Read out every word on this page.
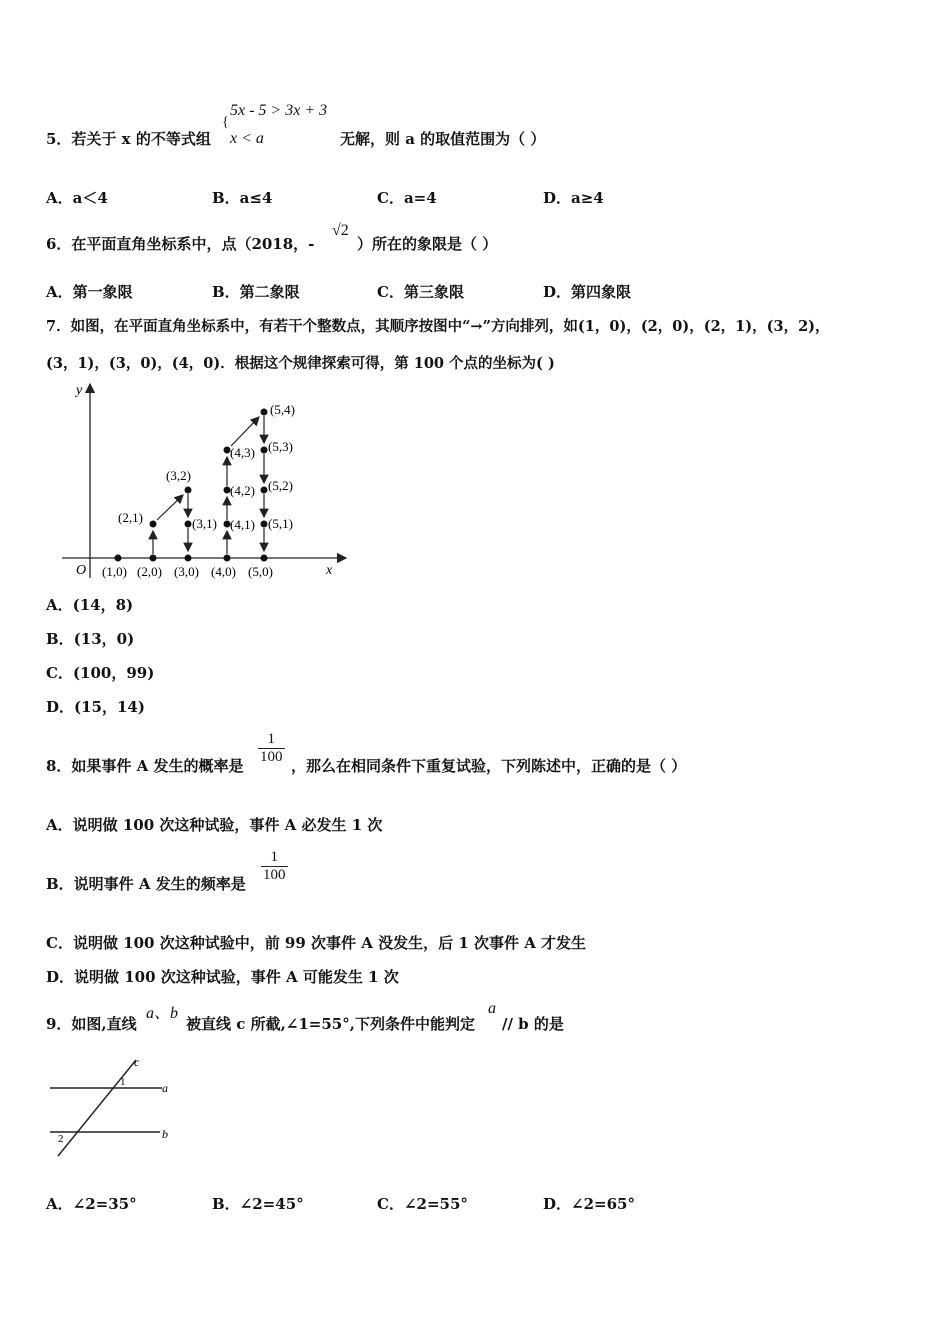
5．若关于 x 的不等式组
{
5x - 5 > 3x + 3
x < a	无解，则 a 的取值范围为（ ）
A．a＜4	B．a≤4	C．a=4	D．a≥4
6．在平面直角坐标系中，点（2018，-
√2
）所在的象限是（ ）
A．第一象限	B．第二象限	C．第三象限	D．第四象限
7．如图，在平面直角坐标系中，有若干个整数点，其顺序按图中“→”方向排列，如(1，0)，(2，0)，(2，1)，(3，2)，
(3，1)，(3，0)，(4，0)．根据这个规律探索可得，第 100 个点的坐标为( )
y
x
O (1,0) (2,0) (3,0) (4,0) (5,0)
(2,1)
(3,2)
(3,1)
(4,3)
(4,2)
(4,1)
(5,4)
(5,3)
(5,2)
(5,1)
A．(14，8)
B．(13，0)
C．(100，99)
D．(15，14)
8．如果事件 A 发生的概率是 $\frac{1}{100}$ ，那么在相同条件下重复试验，下列陈述中，正确的是（ ）
A．说明做 100 次这种试验，事件 A 必发生 1 次
B．说明事件 A 发生的频率是 $\frac{1}{100}$
C．说明做 100 次这种试验中，前 99 次事件 A 没发生，后 1 次事件 A 才发生
D．说明做 100 次这种试验，事件 A 可能发生 1 次
9．如图,直线
a、b
被直线 c 所截,∠1=55°,下列条件中能判定
a
// b 的是
c
a
b
1
2
A．∠2=35°	B．∠2=45°	C．∠2=55°	D．∠2=65°
